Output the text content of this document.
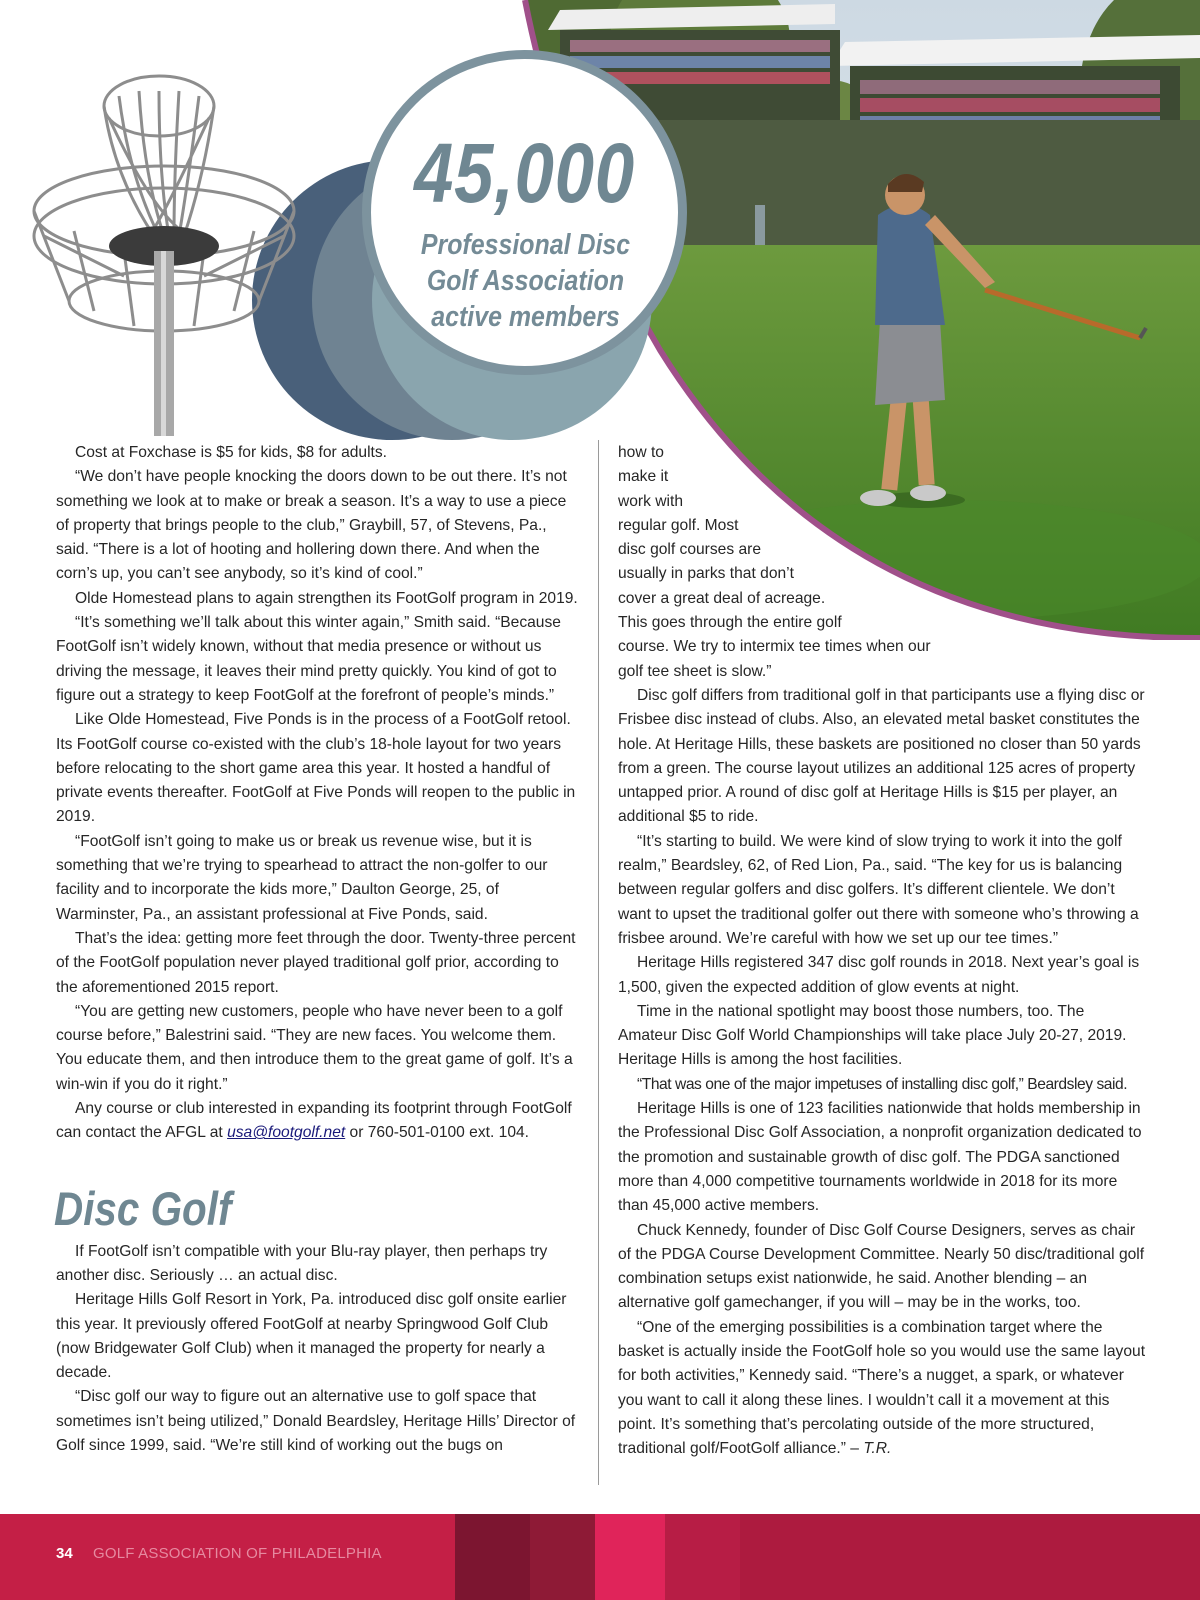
45,000
Professional Disc Golf Association active members

Cost at Foxchase is $5 for kids, $8 for adults.

“We don’t have people knocking the doors down to be out there. It’s not something we look at to make or break a season. It’s a way to use a piece of property that brings people to the club,” Graybill, 57, of Stevens, Pa., said. “There is a lot of hooting and hollering down there. And when the corn’s up, you can’t see anybody, so it’s kind of cool.”

Olde Homestead plans to again strengthen its FootGolf program in 2019.

“It’s something we’ll talk about this winter again,” Smith said. “Because FootGolf isn’t widely known, without that media presence or without us driving the message, it leaves their mind pretty quickly. You kind of got to figure out a strategy to keep FootGolf at the forefront of people’s minds.”

Like Olde Homestead, Five Ponds is in the process of a FootGolf retool. Its FootGolf course co-existed with the club’s 18-hole layout for two years before relocating to the short game area this year. It hosted a handful of private events thereafter. FootGolf at Five Ponds will reopen to the public in 2019.

“FootGolf isn’t going to make us or break us revenue wise, but it is something that we’re trying to spearhead to attract the non-golfer to our facility and to incorporate the kids more,” Daulton George, 25, of Warminster, Pa., an assistant professional at Five Ponds, said.

That’s the idea: getting more feet through the door. Twenty-three percent of the FootGolf population never played traditional golf prior, according to the aforementioned 2015 report.

“You are getting new customers, people who have never been to a golf course before,” Balestrini said. “They are new faces. You welcome them. You educate them, and then introduce them to the great game of golf. It’s a win-win if you do it right.”

Any course or club interested in expanding its footprint through FootGolf can contact the AFGL at usa@footgolf.net or 760-501-0100 ext. 104.

Disc Golf

If FootGolf isn’t compatible with your Blu-ray player, then perhaps try another disc. Seriously … an actual disc.

Heritage Hills Golf Resort in York, Pa. introduced disc golf onsite earlier this year. It previously offered FootGolf at nearby Springwood Golf Club (now Bridgewater Golf Club) when it managed the property for nearly a decade.

“Disc golf our way to figure out an alternative use to golf space that sometimes isn’t being utilized,” Donald Beardsley, Heritage Hills’ Director of Golf since 1999, said. “We’re still kind of working out the bugs on

how to
make it
work with
regular golf. Most
disc golf courses are
usually in parks that don’t
cover a great deal of acreage.
This goes through the entire golf
course. We try to intermix tee times when our
golf tee sheet is slow.”

Disc golf differs from traditional golf in that participants use a flying disc or Frisbee disc instead of clubs. Also, an elevated metal basket constitutes the hole. At Heritage Hills, these baskets are positioned no closer than 50 yards from a green. The course layout utilizes an additional 125 acres of property untapped prior. A round of disc golf at Heritage Hills is $15 per player, an additional $5 to ride.

“It’s starting to build. We were kind of slow trying to work it into the golf realm,” Beardsley, 62, of Red Lion, Pa., said. “The key for us is balancing between regular golfers and disc golfers. It’s different clientele. We don’t want to upset the traditional golfer out there with someone who’s throwing a frisbee around. We’re careful with how we set up our tee times.”

Heritage Hills registered 347 disc golf rounds in 2018. Next year’s goal is 1,500, given the expected addition of glow events at night.

Time in the national spotlight may boost those numbers, too. The Amateur Disc Golf World Championships will take place July 20-27, 2019. Heritage Hills is among the host facilities.

“That was one of the major impetuses of installing disc golf,” Beardsley said.

Heritage Hills is one of 123 facilities nationwide that holds membership in the Professional Disc Golf Association, a nonprofit organization dedicated to the promotion and sustainable growth of disc golf. The PDGA sanctioned more than 4,000 competitive tournaments worldwide in 2018 for its more than 45,000 active members.

Chuck Kennedy, founder of Disc Golf Course Designers, serves as chair of the PDGA Course Development Committee. Nearly 50 disc/traditional golf combination setups exist nationwide, he said. Another blending – an alternative golf gamechanger, if you will – may be in the works, too.

“One of the emerging possibilities is a combination target where the basket is actually inside the FootGolf hole so you would use the same layout for both activities,” Kennedy said. “There’s a nugget, a spark, or whatever you want to call it along these lines. I wouldn’t call it a movement at this point. It’s something that’s percolating outside of the more structured, traditional golf/FootGolf alliance.” – T.R.

34 GOLF ASSOCIATION OF PHILADELPHIA
